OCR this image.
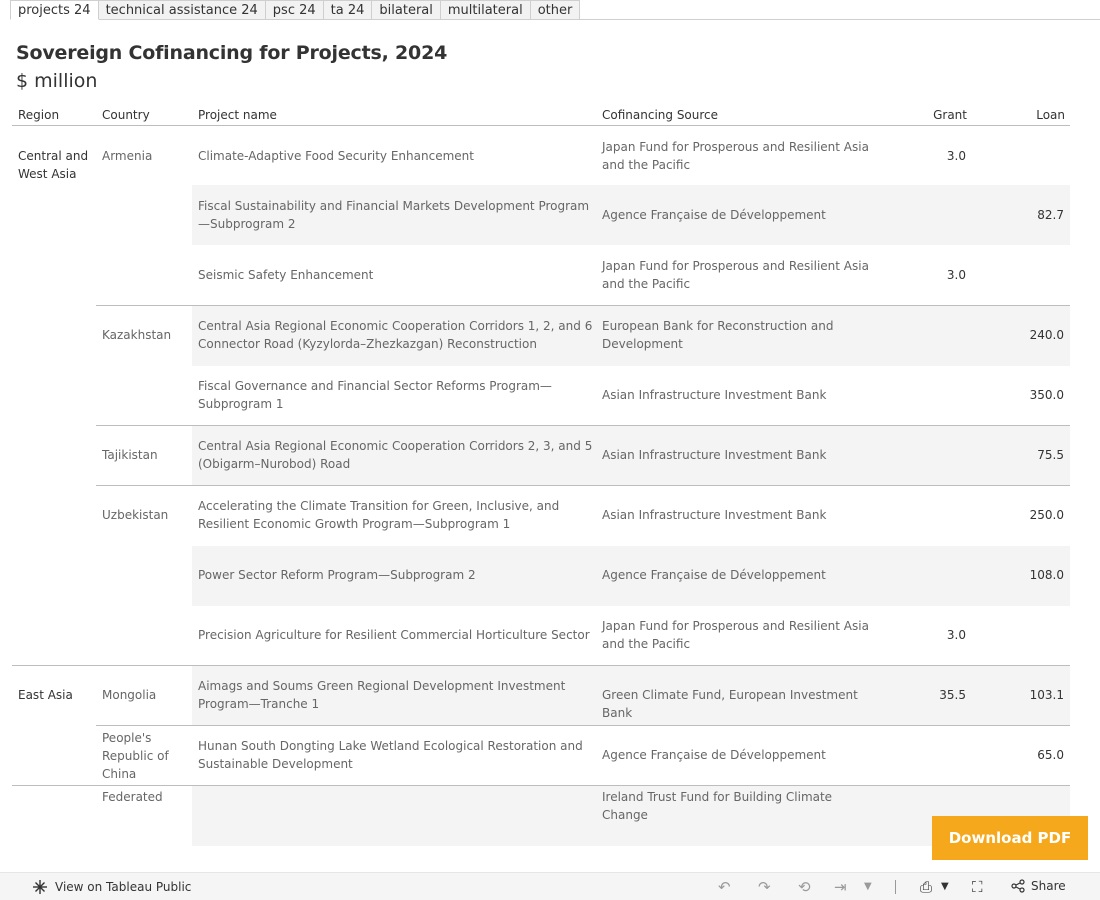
projects 24	technical assistance 24	psc 24	ta 24	bilateral	multilateral	other
Sovereign Cofinancing for Projects, 2024
$ million
Region	Country	Project name	Cofinancing Source	Grant	Loan
Central and West Asia
Armenia	Climate-Adaptive Food Security Enhancement
Japan Fund for Prosperous and Resilient Asia and the Pacific
3.0
Fiscal Sustainability and Financial Markets Development Program—Subprogram 2
Agence Française de Développement	82.7
Seismic Safety Enhancement
Japan Fund for Prosperous and Resilient Asia and the Pacific
3.0
Kazakhstan
Central Asia Regional Economic Cooperation Corridors 1, 2, and 6 Connector Road (Kyzylorda–Zhezkazgan) Reconstruction
European Bank for Reconstruction and Development
240.0
Fiscal Governance and Financial Sector Reforms Program—Subprogram 1
Asian Infrastructure Investment Bank	350.0
Tajikistan
Central Asia Regional Economic Cooperation Corridors 2, 3, and 5 (Obigarm–Nurobod) Road
Asian Infrastructure Investment Bank	75.5
Uzbekistan
Accelerating the Climate Transition for Green, Inclusive, and Resilient Economic Growth Program—Subprogram 1
Asian Infrastructure Investment Bank	250.0
Power Sector Reform Program—Subprogram 2	Agence Française de Développement	108.0
Precision Agriculture for Resilient Commercial Horticulture Sector
Japan Fund for Prosperous and Resilient Asia and the Pacific
3.0
East Asia	Mongolia
Aimags and Soums Green Regional Development Investment Program—Tranche 1
Green Climate Fund, European Investment Bank
35.5	103.1
People's Republic of China
Hunan South Dongting Lake Wetland Ecological Restoration and Sustainable Development
Agence Française de Développement	65.0
Federated	Ireland Trust Fund for Building Climate Change
Download PDF
View on Tableau Public	↶ ↷ ⟲ ⇥ ▼	⎙ ▼ ⛶	Share
